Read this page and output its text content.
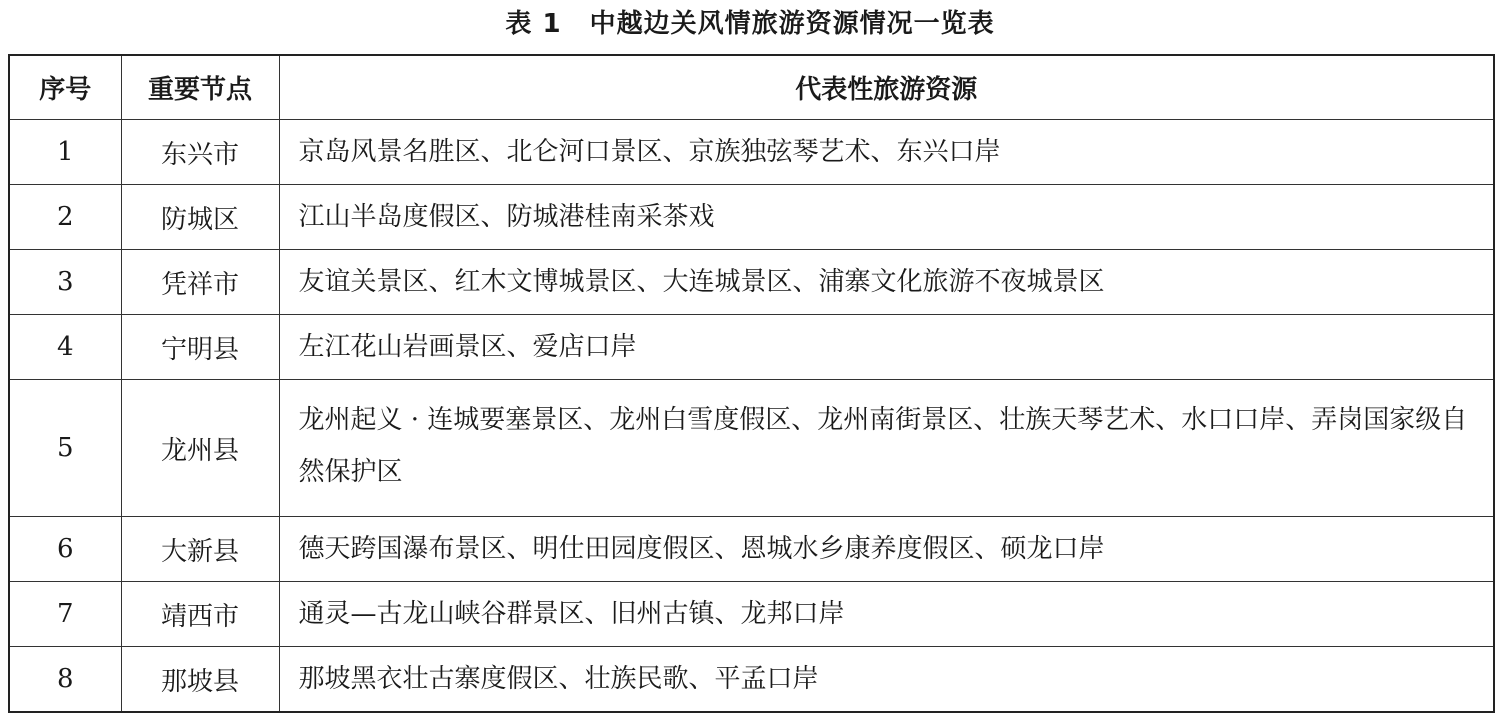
表 1 中越边关风情旅游资源情况一览表
序号	重要节点	代表性旅游资源
1	东兴市	京岛风景名胜区、北仑河口景区、京族独弦琴艺术、东兴口岸
2	防城区	江山半岛度假区、防城港桂南采茶戏
3	凭祥市	友谊关景区、红木文博城景区、大连城景区、浦寨文化旅游不夜城景区
4	宁明县	左江花山岩画景区、爱店口岸
5	龙州县	龙州起义 · 连城要塞景区、龙州白雪度假区、龙州南街景区、壮族天琴艺术、水口口岸、弄岗国家级自然保护区
6	大新县	德天跨国瀑布景区、明仕田园度假区、恩城水乡康养度假区、硕龙口岸
7	靖西市	通灵—古龙山峡谷群景区、旧州古镇、龙邦口岸
8	那坡县	那坡黑衣壮古寨度假区、壮族民歌、平孟口岸
